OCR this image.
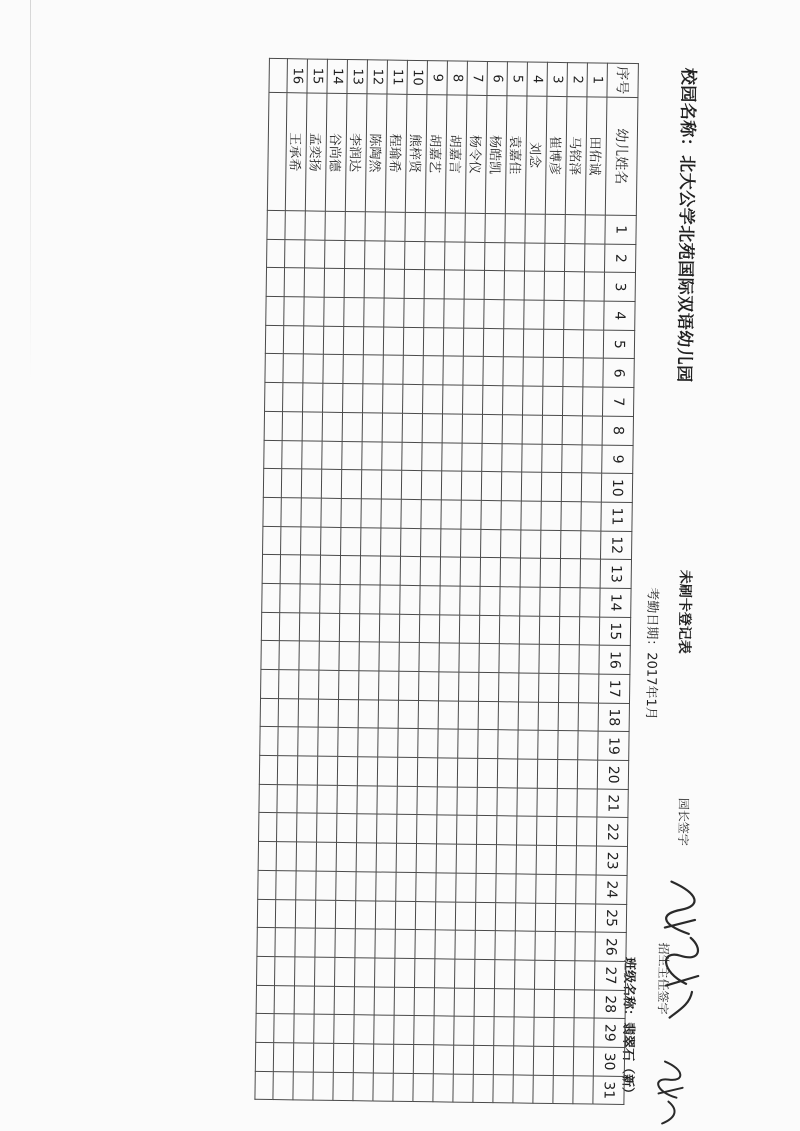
校园名称：北大公学北苑国际双语幼儿园
未刷卡登记表
考勤日期：2017年1月
园长签字
招生主任签字
班级名称：翡翠石（新）
序号	幼儿姓名	1	2	3	4	5	6	7	8	9	10	11	12	13	14	15	16	17	18	19	20	21	22	23	24	25	26	27	28	29	30	31
1	田佑诚																															
2	马铭泽																															
3	崔博彦																															
4	刘念																															
5	袁嘉佳																															
6	杨皓凯																															
7	杨令仪																															
8	胡嘉言																															
9	胡嘉艺																															
10	熊梓贤																															
11	程瑜希																															
12	陈陶然																															
13	李润达																															
14	谷尚德																															
15	孟奕扬																															
16	王承希																															
